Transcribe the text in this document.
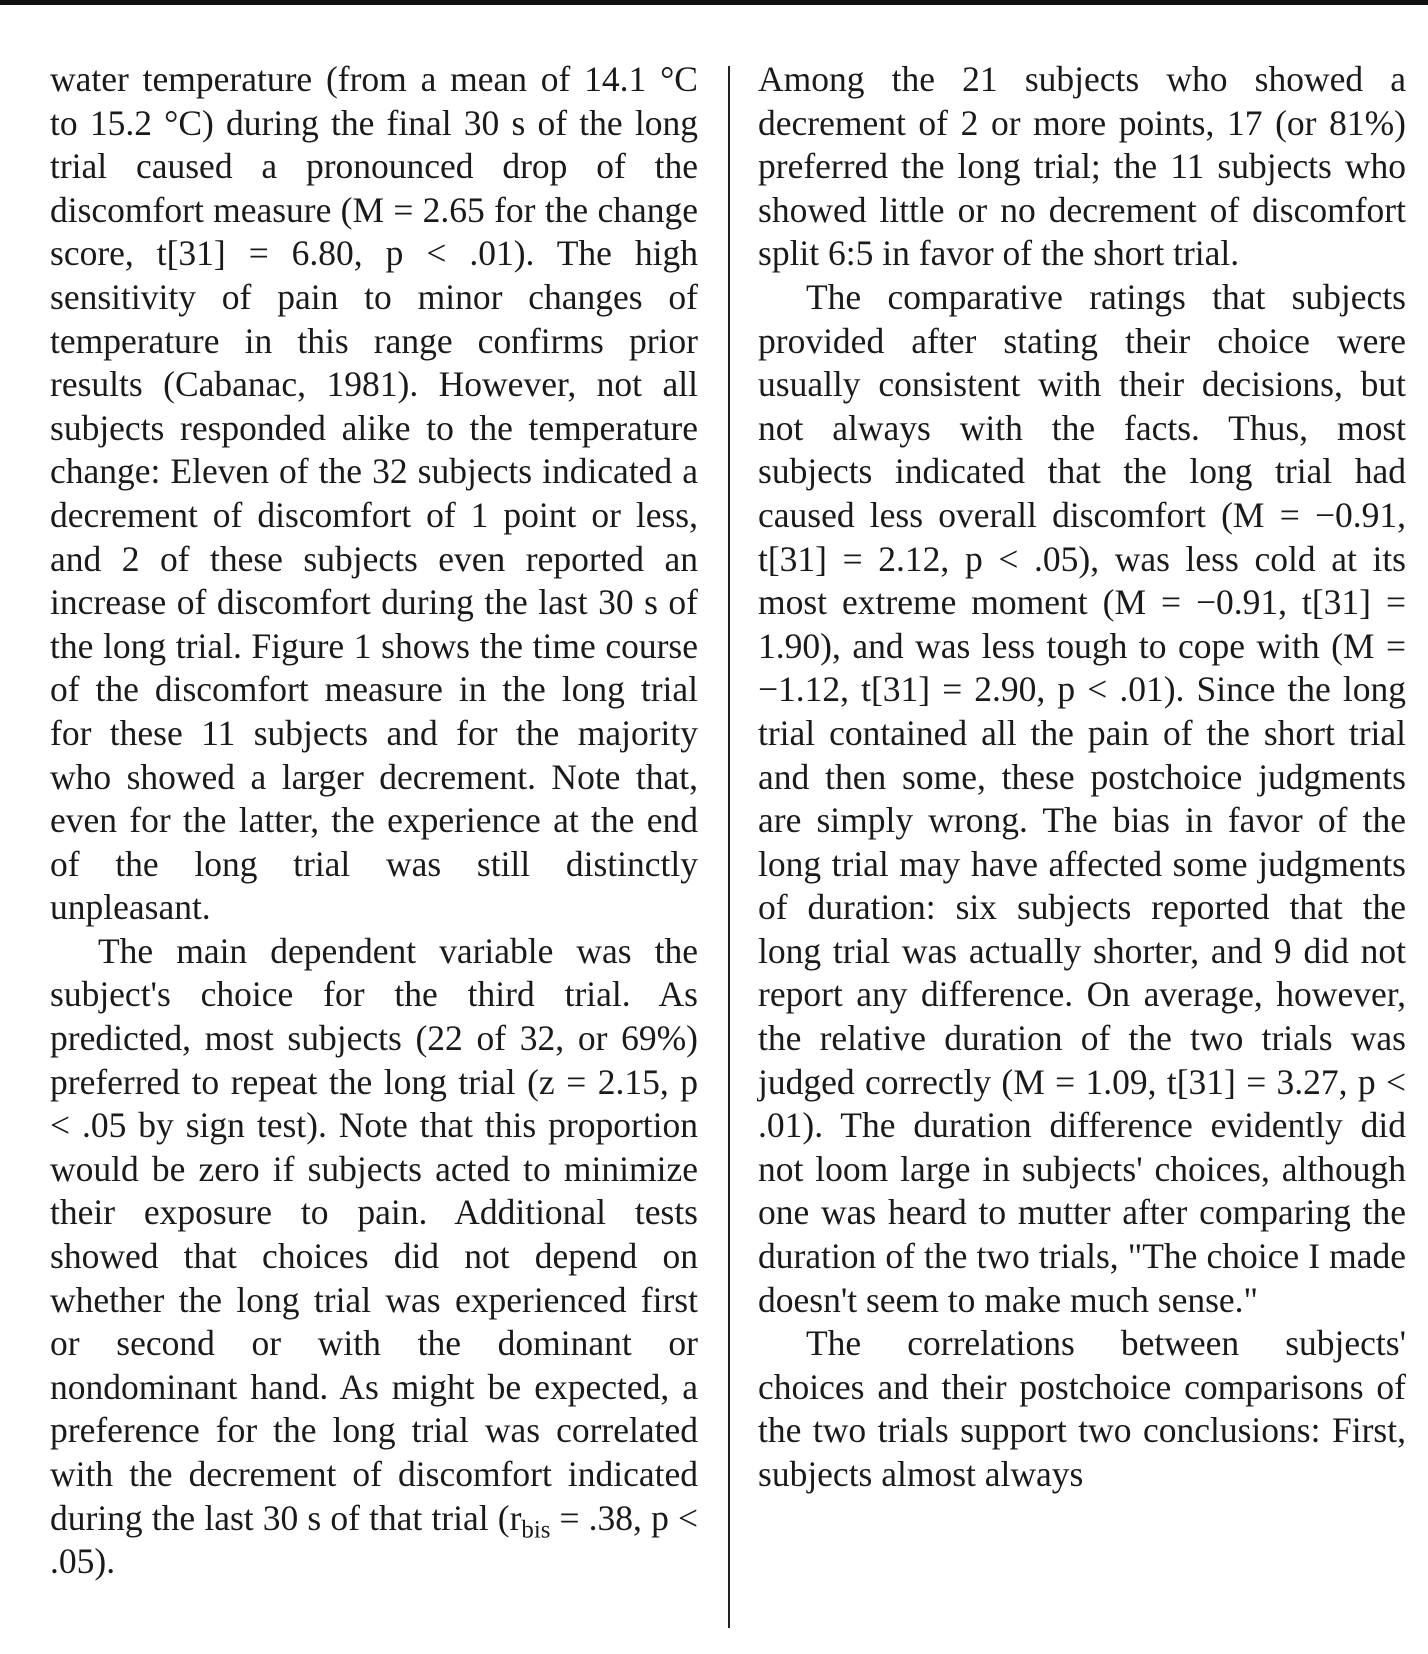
water temperature (from a mean of 14.1 °C to 15.2 °C) during the final 30 s of the long trial caused a pronounced drop of the discomfort measure (M = 2.65 for the change score, t[31] = 6.80, p < .01). The high sensitivity of pain to minor changes of temperature in this range confirms prior results (Cabanac, 1981). However, not all subjects responded alike to the temperature change: Eleven of the 32 subjects indicated a decrement of discomfort of 1 point or less, and 2 of these subjects even reported an increase of discomfort during the last 30 s of the long trial. Figure 1 shows the time course of the discomfort measure in the long trial for these 11 subjects and for the majority who showed a larger decrement. Note that, even for the latter, the experience at the end of the long trial was still distinctly unpleasant.

The main dependent variable was the subject's choice for the third trial. As predicted, most subjects (22 of 32, or 69%) preferred to repeat the long trial (z = 2.15, p < .05 by sign test). Note that this proportion would be zero if subjects acted to minimize their exposure to pain. Additional tests showed that choices did not depend on whether the long trial was experienced first or second or with the dominant or nondominant hand. As might be expected, a preference for the long trial was correlated with the decrement of discomfort indicated during the last 30 s of that trial ($r_{bis} = .38$, p < .05).

Among the 21 subjects who showed a decrement of 2 or more points, 17 (or 81%) preferred the long trial; the 11 subjects who showed little or no decrement of discomfort split 6:5 in favor of the short trial.

The comparative ratings that subjects provided after stating their choice were usually consistent with their decisions, but not always with the facts. Thus, most subjects indicated that the long trial had caused less overall discomfort (M = −0.91, t[31] = 2.12, p < .05), was less cold at its most extreme moment (M = −0.91, t[31] = 1.90), and was less tough to cope with (M = −1.12, t[31] = 2.90, p < .01). Since the long trial contained all the pain of the short trial and then some, these postchoice judgments are simply wrong. The bias in favor of the long trial may have affected some judgments of duration: six subjects reported that the long trial was actually shorter, and 9 did not report any difference. On average, however, the relative duration of the two trials was judged correctly (M = 1.09, t[31] = 3.27, p < .01). The duration difference evidently did not loom large in subjects' choices, although one was heard to mutter after comparing the duration of the two trials, "The choice I made doesn't seem to make much sense."

The correlations between subjects' choices and their postchoice comparisons of the two trials support two conclusions: First, subjects almost always
